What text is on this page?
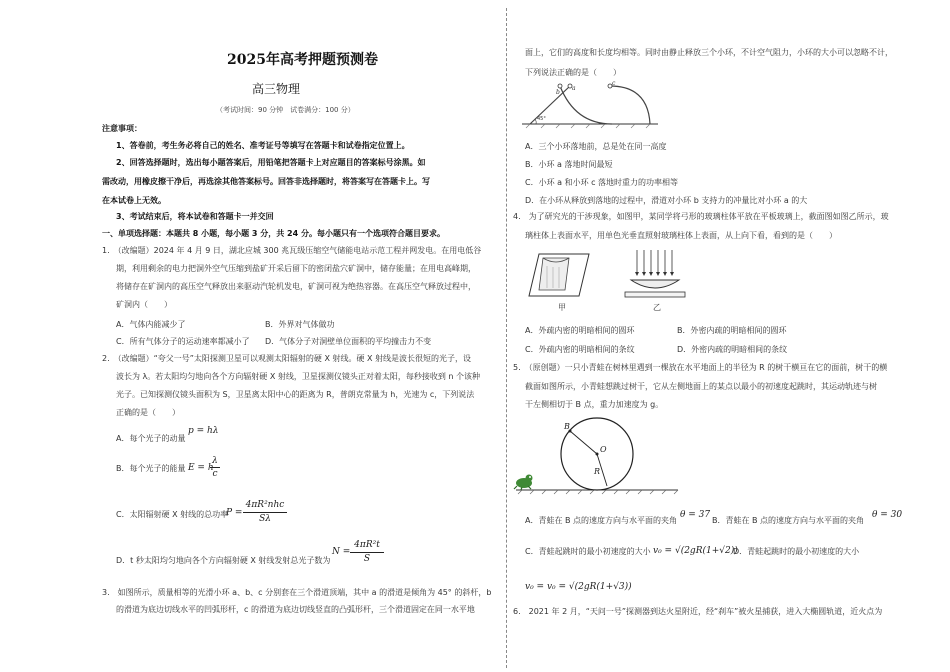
2025年高考押题预测卷
高三物理
（考试时间：90 分钟　试卷满分：100 分）
注意事项：
1、答卷前，考生务必将自己的姓名、准考证号等填写在答题卡和试卷指定位置上。
2、回答选择题时，选出每小题答案后，用铅笔把答题卡上对应题目的答案标号涂黑。如
需改动，用橡皮擦干净后，再选涂其他答案标号。回答非选择题时，将答案写在答题卡上。写
在本试卷上无效。
3、考试结束后，将本试卷和答题卡一并交回
一、单项选择题：本题共 8 小题，每小题 3 分，共 24 分。每小题只有一个选项符合题目要求。
1.　（改编题）2024 年 4 月 9 日，湖北应城 300 兆瓦级压缩空气储能电站示范工程并网发电。在用电低谷
期，利用剩余的电力把洞外空气压缩到盐矿开采后留下的密闭盐穴矿洞中，储存能量；在用电高峰期，
将储存在矿洞内的高压空气释放出来驱动汽轮机发电，矿洞可视为绝热容器。在高压空气释放过程中，
矿洞内（　　）
A．气体内能减少了	B．外界对气体做功
C．所有气体分子的运动速率都减小了 D．气体分子对洞壁单位面积的平均撞击力不变
2.　（改编题）“夸父一号”太阳探测卫星可以观测太阳辐射的硬 X 射线。硬 X 射线是波长很短的光子，设
波长为 λ。若太阳均匀地向各个方向辐射硬 X 射线，卫星探测仪镜头正对着太阳，每秒接收到 n 个该种
光子。已知探测仪镜头面积为 S，卫星离太阳中心的距离为 R，普朗克常量为 h，光速为 c，下列说法
正确的是（　　）
A．每个光子的动量
p = hλ
B．每个光子的能量 E = h
λ
c
C．太阳辐射硬 X 射线的总功率
P =
4πR²nhc
Sλ
D．t 秒太阳均匀地向各个方向辐射硬 X 射线发射总光子数为
N =
4πR²t
S
3.　如图所示，质量相等的光滑小环 a、b、c 分别套在三个滑道顶端，其中 a 的滑道是倾角为 45° 的斜杆，b
的滑道为底边切线水平的凹弧形杆，c 的滑道为底边切线竖直的凸弧形杆，三个滑道固定在同一水平地
面上，它们的高度和长度均相等。同时由静止释放三个小环，不计空气阻力，小环的大小可以忽略不计，
下列说法正确的是（　　）
45°
a
b
c
A．三个小环落地前，总是处在同一高度
B．小环 a 落地时间最短
C．小环 a 和小环 c 落地时重力的功率相等
D．在小环从释放到落地的过程中，滑道对小环 b 支持力的冲量比对小环 a 的大
4.　为了研究光的干涉现象，如图甲，某同学将弓形的玻璃柱体平放在平板玻璃上，截面图如图乙所示，玻
璃柱体上表面水平，用单色光垂直照射玻璃柱体上表面，从上向下看，看到的是（　　）
甲	乙
A．外疏内密的明暗相间的圆环	B．外密内疏的明暗相间的圆环
C．外疏内密的明暗相间的条纹	D．外密内疏的明暗相间的条纹
5.　（原创题）一只小青蛙在树林里遇到一棵放在水平地面上的半径为 R 的树干横亘在它的面前，树干的横
截面如图所示，小青蛙想跳过树干，它从左侧地面上的某点以最小的初速度起跳时，其运动轨迹与树
干左侧相切于 B 点，重力加速度为 g。
B
O
R
A．青蛙在 B 点的速度方向与水平面的夹角
θ = 37
B．青蛙在 B 点的速度方向与水平面的夹角
θ = 30
C．青蛙起跳时的最小初速度的大小 v₀ = √(2gR(1+√2))
D．青蛙起跳时的最小初速度的大小
v₀ = v₀ = √(2gR(1+√3))
6.　2021 年 2 月，“天问一号”探测器到达火星附近，经“刹车”被火星捕获，进入大椭圆轨道，近火点为
